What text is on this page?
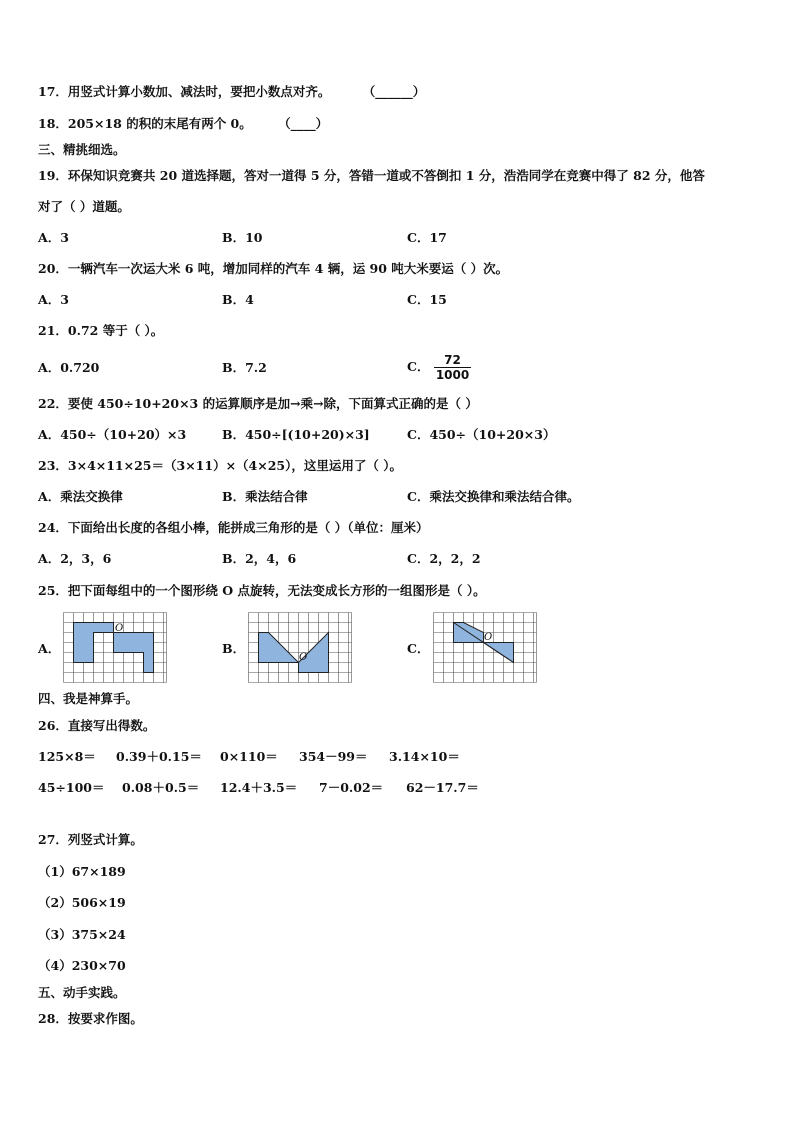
17．用竖式计算小数加、减法时，要把小数点对齐。	（______）
18．205×18 的积的末尾有两个 0。 （____）
三、精挑细选。
19．环保知识竞赛共 20 道选择题，答对一道得 5 分，答错一道或不答倒扣 1 分，浩浩同学在竞赛中得了 82 分，他答
对了（ ）道题。
A．3	B．10	C．17
20．一辆汽车一次运大米 6 吨，增加同样的汽车 4 辆，运 90 吨大米要运（ ）次。
A．3	B．4	C．15
21．0.72 等于（ ）。
A．0.720	B．7.2	C． $\frac{72}{1000}$
22．要使 450÷10+20×3 的运算顺序是加→乘→除，下面算式正确的是（ ）
A．450÷（10+20）×3	B．450÷[(10+20)×3]	C．450÷（10+20×3）
23．3×4×11×25＝（3×11）×（4×25），这里运用了（ ）。
A．乘法交换律	B．乘法结合律	C．乘法交换律和乘法结合律。
24．下面给出长度的各组小棒，能拼成三角形的是（ ）（单位：厘米）
A．2，3，6	B．2，4，6	C．2，2，2
25．把下面每组中的一个图形绕 O 点旋转，无法变成长方形的一组图形是（ ）。
A．	B．	C．
O
O
O
四、我是神算手。
26．直接写出得数。
125×8＝ 0.39＋0.15＝ 0×110＝ 354－99＝ 3.14×10＝
45÷100＝ 0.08＋0.5＝ 12.4＋3.5＝ 7－0.02＝ 62－17.7＝
27．列竖式计算。
（1）67×189
（2）506×19
（3）375×24
（4）230×70
五、动手实践。
28．按要求作图。
